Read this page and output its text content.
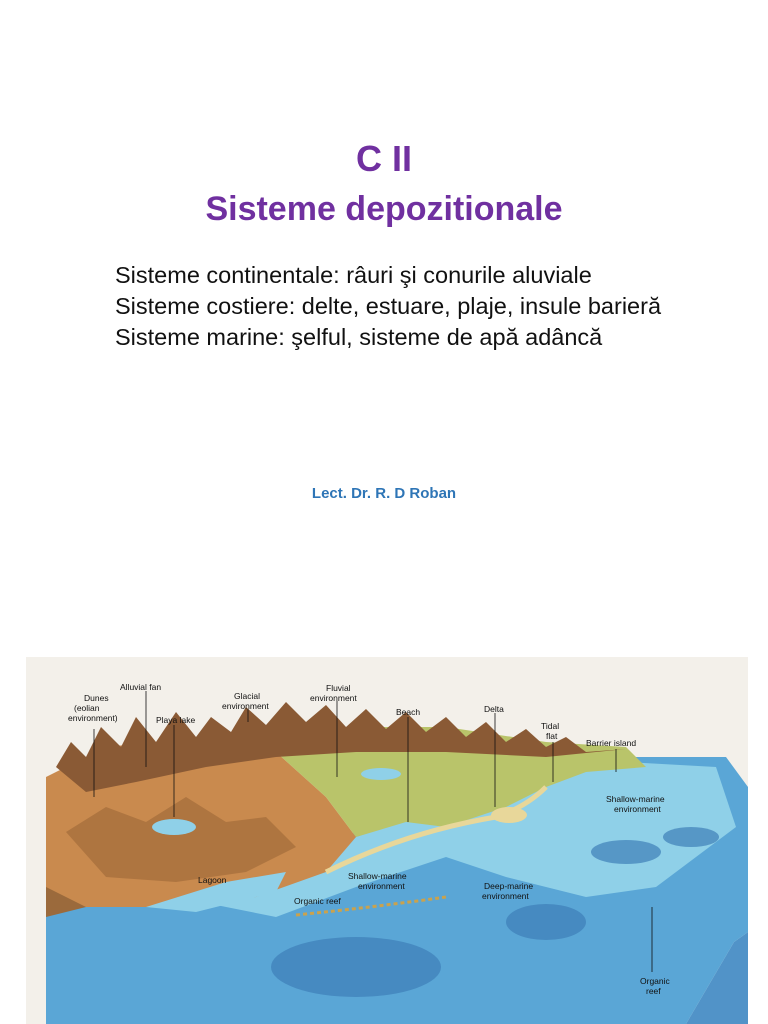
C II
Sisteme depozitionale

Sisteme continentale: râuri şi conurile aluviale

Sisteme costiere: delte, estuare, plaje, insule barieră

Sisteme marine: şelful, sisteme de apă adâncă

Lect. Dr. R. D Roban
Dunes (eolian environment)
Alluvial fan
Playa lake
Glacial environment
Fluvial environment
Beach	Delta
Tidal flat
Barrier island
Shallow-marine environment
Lagoon	Shallow-marine environment
Organic reef
Deep-marine environment
Organic reef
